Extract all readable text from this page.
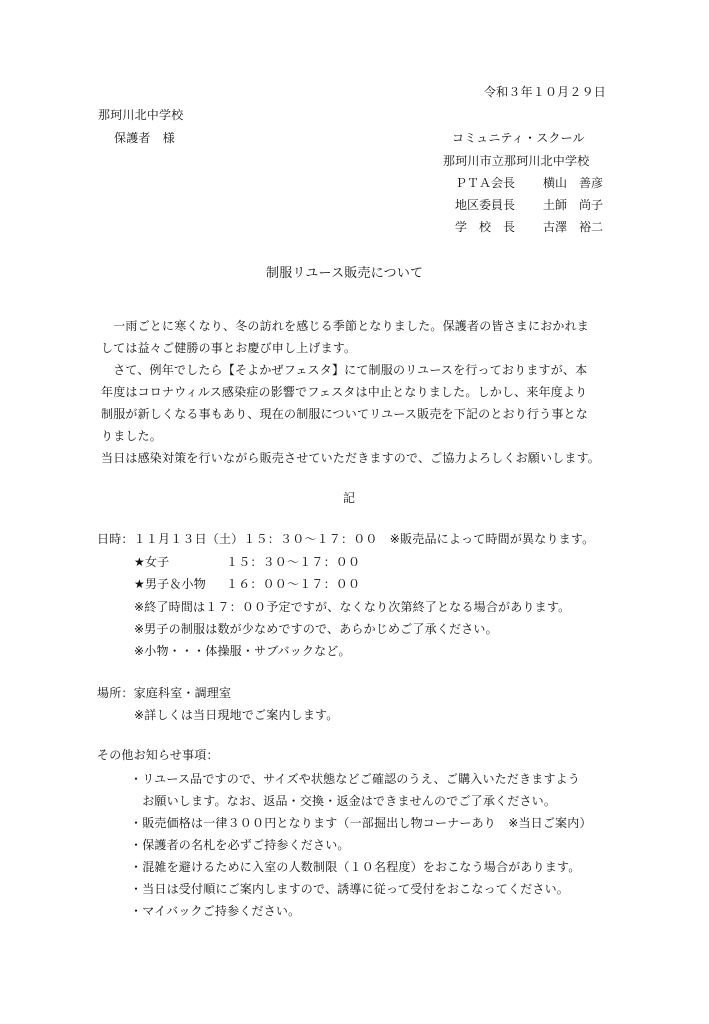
令和３年１０月２９日
那珂川北中学校
保護者　様	コミュニティ・スクール
那珂川市立那珂川北中学校
ＰＴＡ会長 横山　善彦
地区委員長 土師　尚子
学　校　長 古澤　裕二
制服リユース販売について
　一雨ごとに寒くなり、冬の訪れを感じる季節となりました。保護者の皆さまにおかれま
しては益々ご健勝の事とお慶び申し上げます。
　さて、例年でしたら【そよかぜフェスタ】にて制服のリユースを行っておりますが、本
年度はコロナウィルス感染症の影響でフェスタは中止となりました。しかし、来年度より
制服が新しくなる事もあり、現在の制服についてリユース販売を下記のとおり行う事とな
りました。
当日は感染対策を行いながら販売させていただきますので、ご協力よろしくお願いします。
記
日時：１１月１３日（土）１５：３０～１７：００　※販売品によって時間が異なります。
★女子	１５：３０～１７：００
★男子＆小物 １６：００～１７：００
※終了時間は１７：００予定ですが、なくなり次第終了となる場合があります。
※男子の制服は数が少なめですので、あらかじめご了承ください。
※小物・・・体操服・サブバックなど。
場所：家庭科室・調理室
※詳しくは当日現地でご案内します。
その他お知らせ事項：
・リユース品ですので、サイズや状態などご確認のうえ、ご購入いただきますよう
　お願いします。なお、返品・交換・返金はできませんのでご了承ください。
・販売価格は一律３００円となります（一部掘出し物コーナーあり　※当日ご案内）
・保護者の名札を必ずご持参ください。
・混雑を避けるために入室の人数制限（１０名程度）をおこなう場合があります。
・当日は受付順にご案内しますので、誘導に従って受付をおこなってください。
・マイバックご持参ください。
